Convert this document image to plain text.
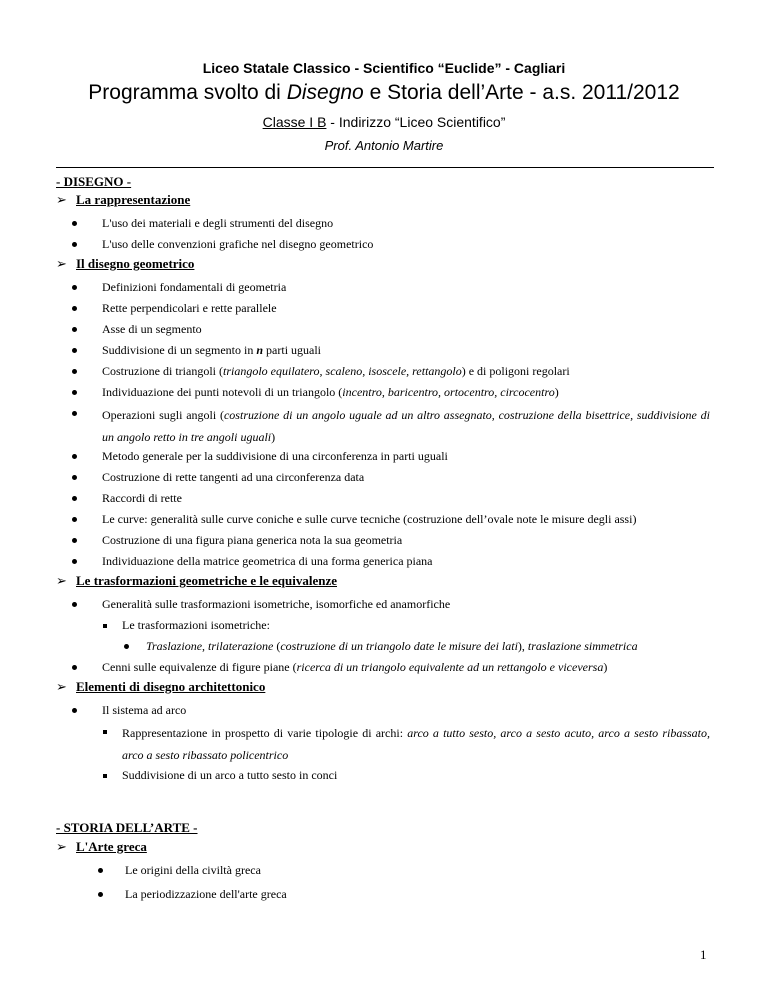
Liceo Statale Classico - Scientifico “Euclide” - Cagliari
Programma svolto di Disegno e Storia dell’Arte - a.s. 2011/2012
Classe I B - Indirizzo “Liceo Scientifico”
Prof. Antonio Martire
- DISEGNO -
➢ La rappresentazione
L'uso dei materiali e degli strumenti del disegno
L'uso delle convenzioni grafiche nel disegno geometrico
➢ Il disegno geometrico
Definizioni fondamentali di geometria
Rette perpendicolari e rette parallele
Asse di un segmento
Suddivisione di un segmento in n parti uguali
Costruzione di triangoli (triangolo equilatero, scaleno, isoscele, rettangolo) e di poligoni regolari
Individuazione dei punti notevoli di un triangolo (incentro, baricentro, ortocentro, circocentro)
Operazioni sugli angoli (costruzione di un angolo uguale ad un altro assegnato, costruzione della bisettrice, suddivisione di un angolo retto in tre angoli uguali)
Metodo generale per la suddivisione di una circonferenza in parti uguali
Costruzione di rette tangenti ad una circonferenza data
Raccordi di rette
Le curve: generalità sulle curve coniche e sulle curve tecniche (costruzione dell’ovale note le misure degli assi)
Costruzione di una figura piana generica nota la sua geometria
Individuazione della matrice geometrica di una forma generica piana
➢ Le trasformazioni geometriche e le equivalenze
Generalità sulle trasformazioni isometriche, isomorfiche ed anamorfiche
Le trasformazioni isometriche:
Traslazione, trilaterazione (costruzione di un triangolo date le misure dei lati), traslazione simmetrica
Cenni sulle equivalenze di figure piane (ricerca di un triangolo equivalente ad un rettangolo e viceversa)
➢ Elementi di disegno architettonico
Il sistema ad arco
Rappresentazione in prospetto di varie tipologie di archi: arco a tutto sesto, arco a sesto acuto, arco a sesto ribassato, arco a sesto ribassato policentrico
Suddivisione di un arco a tutto sesto in conci
- STORIA DELL’ARTE -
➢ L'Arte greca
Le origini della civiltà greca
La periodizzazione dell'arte greca
1
